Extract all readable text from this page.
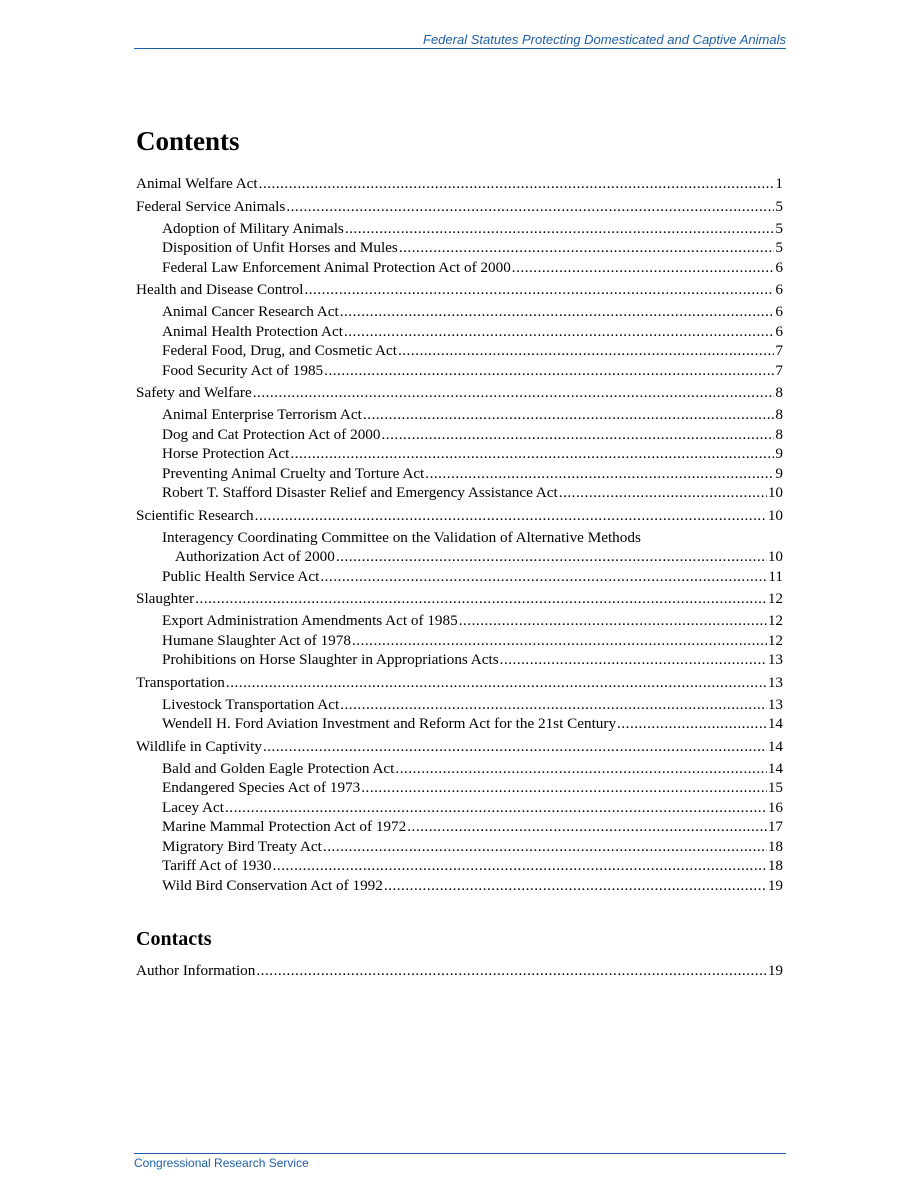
Federal Statutes Protecting Domesticated and Captive Animals
Contents
Animal Welfare Act .....	1
Federal Service Animals .....	5
Adoption of Military Animals .....	5
Disposition of Unfit Horses and Mules .....	5
Federal Law Enforcement Animal Protection Act of 2000 .....	6
Health and Disease Control .....	6
Animal Cancer Research Act .....	6
Animal Health Protection Act .....	6
Federal Food, Drug, and Cosmetic Act .....	7
Food Security Act of 1985 .....	7
Safety and Welfare .....	8
Animal Enterprise Terrorism Act .....	8
Dog and Cat Protection Act of 2000 .....	8
Horse Protection Act .....	9
Preventing Animal Cruelty and Torture Act .....	9
Robert T. Stafford Disaster Relief and Emergency Assistance Act .....	10
Scientific Research .....	10
Interagency Coordinating Committee on the Validation of Alternative Methods
Authorization Act of 2000 .....	10
Public Health Service Act .....	11
Slaughter .....	12
Export Administration Amendments Act of 1985 .....	12
Humane Slaughter Act of 1978 .....	12
Prohibitions on Horse Slaughter in Appropriations Acts .....	13
Transportation .....	13
Livestock Transportation Act .....	13
Wendell H. Ford Aviation Investment and Reform Act for the 21st Century .....	14
Wildlife in Captivity .....	14
Bald and Golden Eagle Protection Act .....	14
Endangered Species Act of 1973 .....	15
Lacey Act .....	16
Marine Mammal Protection Act of 1972 .....	17
Migratory Bird Treaty Act .....	18
Tariff Act of 1930 .....	18
Wild Bird Conservation Act of 1992 .....	19
Contacts
Author Information .....	19
Congressional Research Service
